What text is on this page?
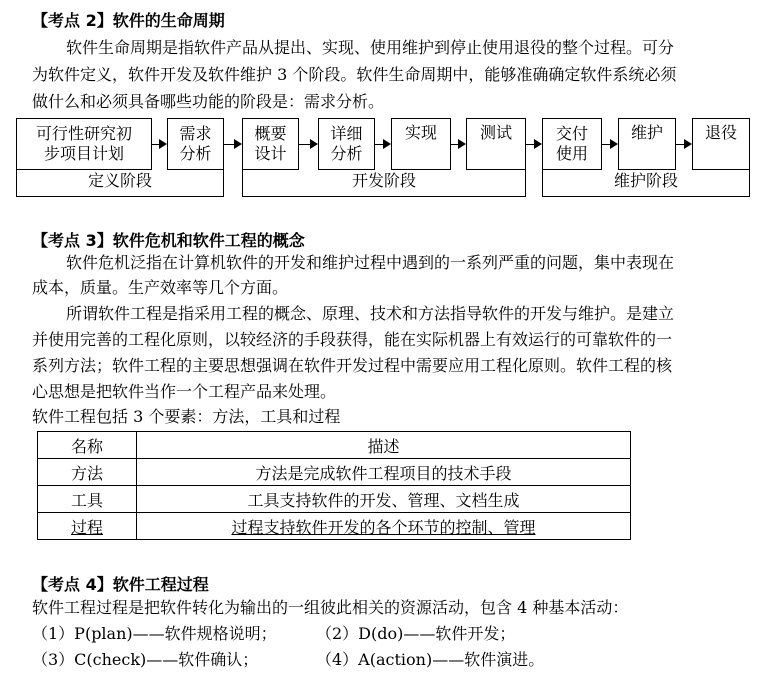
【考点 2】软件的生命周期
软件生命周期是指软件产品从提出、实现、使用维护到停止使用退役的整个过程。可分
为软件定义，软件开发及软件维护 3 个阶段。软件生命周期中，能够准确确定软件系统必须
做什么和必须具备哪些功能的阶段是：需求分析。
可行性研究初
步项目计划
需求
分析
概要
设计
详细
分析
实现	测试	交付
使用
维护	退役
定义阶段	开发阶段	维护阶段
【考点 3】软件危机和软件工程的概念
软件危机泛指在计算机软件的开发和维护过程中遇到的一系列严重的问题，集中表现在
成本，质量。生产效率等几个方面。
所谓软件工程是指采用工程的概念、原理、技术和方法指导软件的开发与维护。是建立
并使用完善的工程化原则，以较经济的手段获得，能在实际机器上有效运行的可靠软件的一
系列方法；软件工程的主要思想强调在软件开发过程中需要应用工程化原则。软件工程的核
心思想是把软件当作一个工程产品来处理。
软件工程包括 3 个要素：方法，工具和过程
名称	描述
方法	方法是完成软件工程项目的技术手段
工具	工具支持软件的开发、管理、文档生成
过程	过程支持软件开发的各个环节的控制、管理
【考点 4】软件工程过程
软件工程过程是把软件转化为输出的一组彼此相关的资源活动，包含 4 种基本活动：
（1）P(plan)——软件规格说明； （2）D(do)——软件开发；
（3）C(check)——软件确认；	（4）A(action)——软件演进。
